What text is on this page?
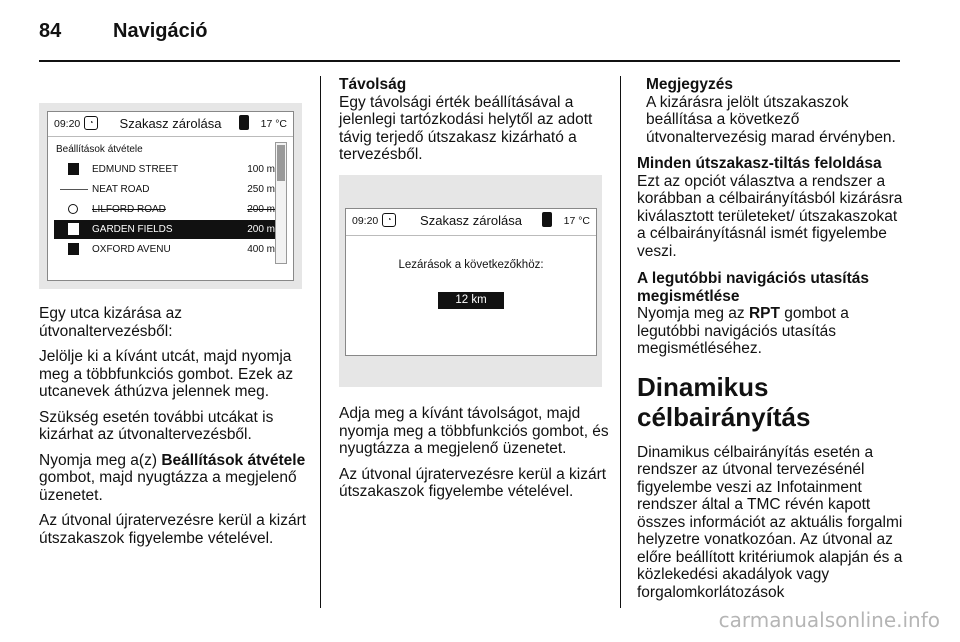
84	Navigáció
09:20	◔	Szakasz zárolása	17 °C
Beállítások átvétele
EDMUND STREET	100 m
NEAT ROAD	250 m
LILFORD ROAD	200 m
GARDEN FIELDS	200 m
OXFORD AVENU	400 m

Egy utca kizárása az útvonaltervezésből:

Jelölje ki a kívánt utcát, majd nyomja meg a többfunkciós gombot. Ezek az utcanevek áthúzva jelennek meg.

Szükség esetén további utcákat is kizárhat az útvonaltervezésből.

Nyomja meg a(z) Beállítások átvétele gombot, majd nyugtázza a megjelenő üzenetet.

Az útvonal újratervezésre kerül a kizárt útszakaszok figyelembe vételével.

Távolság

Egy távolsági érték beállításával a jelenlegi tartózkodási helytől az adott távig terjedő útszakasz kizárható a tervezésből.

09:20	◔	Szakasz zárolása	17 °C
Lezárások a következőkhöz:
12 km

Adja meg a kívánt távolságot, majd nyomja meg a többfunkciós gombot, és nyugtázza a megjelenő üzenetet.

Az útvonal újratervezésre kerül a kizárt útszakaszok figyelembe vételével.

Megjegyzés
A kizárásra jelölt útszakaszok beállítása a következő útvonaltervezésig marad érvényben.
Minden útszakasz-tiltás feloldása

Ezt az opciót választva a rendszer a korábban a célbairányításból kizárásra kiválasztott területeket/ útszakaszokat a célbairányításnál ismét figyelembe veszi.

A legutóbbi navigációs utasítás megismétlése

Nyomja meg az RPT gombot a legutóbbi navigációs utasítás megismétléséhez.

Dinamikus célbairányítás

Dinamikus célbairányítás esetén a rendszer az útvonal tervezésénél figyelembe veszi az Infotainment rendszer által a TMC révén kapott összes információt az aktuális forgalmi helyzetre vonatkozóan. Az útvonal az előre beállított kritériumok alapján és a közlekedési akadályok vagy forgalomkorlátozások

carmanualsonline.info
